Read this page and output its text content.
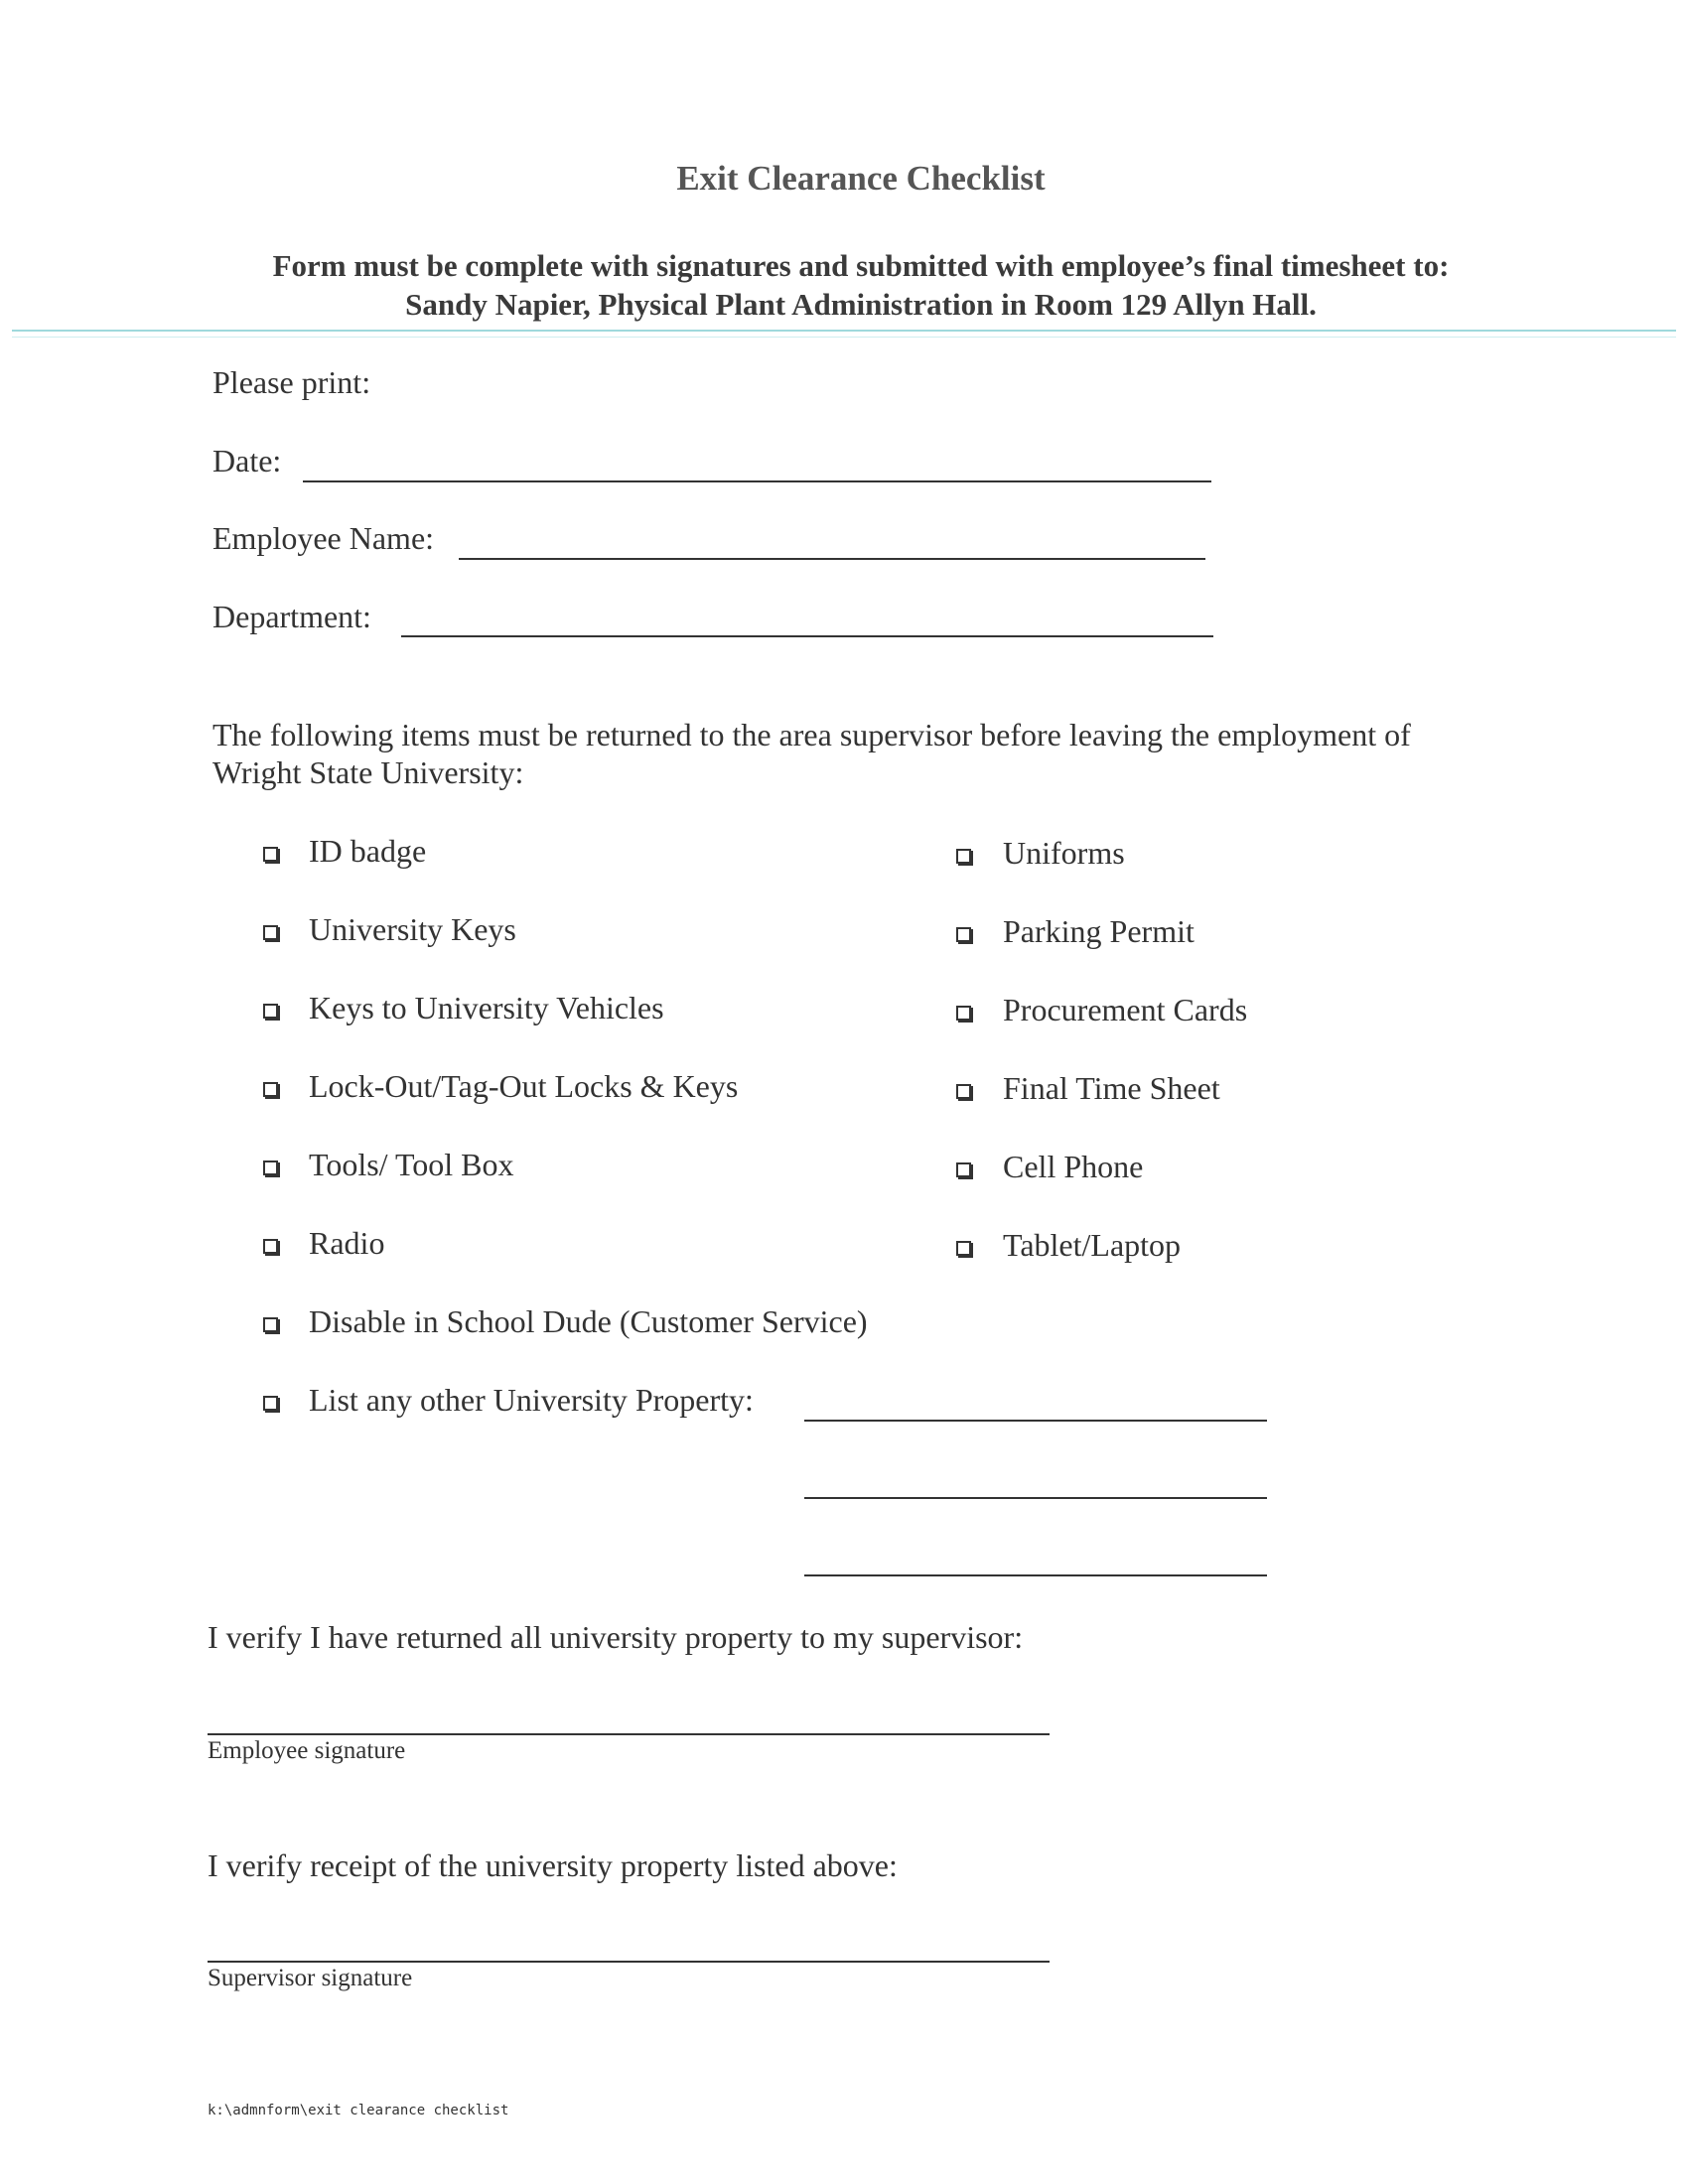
Exit Clearance Checklist
Form must be complete with signatures and submitted with employee’s final timesheet to:
Sandy Napier, Physical Plant Administration in Room 129 Allyn Hall.
Please print:
Date:
Employee Name:
Department:
The following items must be returned to the area supervisor before leaving the employment of
Wright State University:
ID badge
University Keys
Keys to University Vehicles
Lock-Out/Tag-Out Locks & Keys
Tools/ Tool Box
Radio
Disable in School Dude (Customer Service)
List any other University Property:
Uniforms
Parking Permit
Procurement Cards
Final Time Sheet
Cell Phone
Tablet/Laptop
I verify I have returned all university property to my supervisor:
Employee signature
I verify receipt of the university property listed above:
Supervisor signature
k:\admnform\exit clearance checklist
